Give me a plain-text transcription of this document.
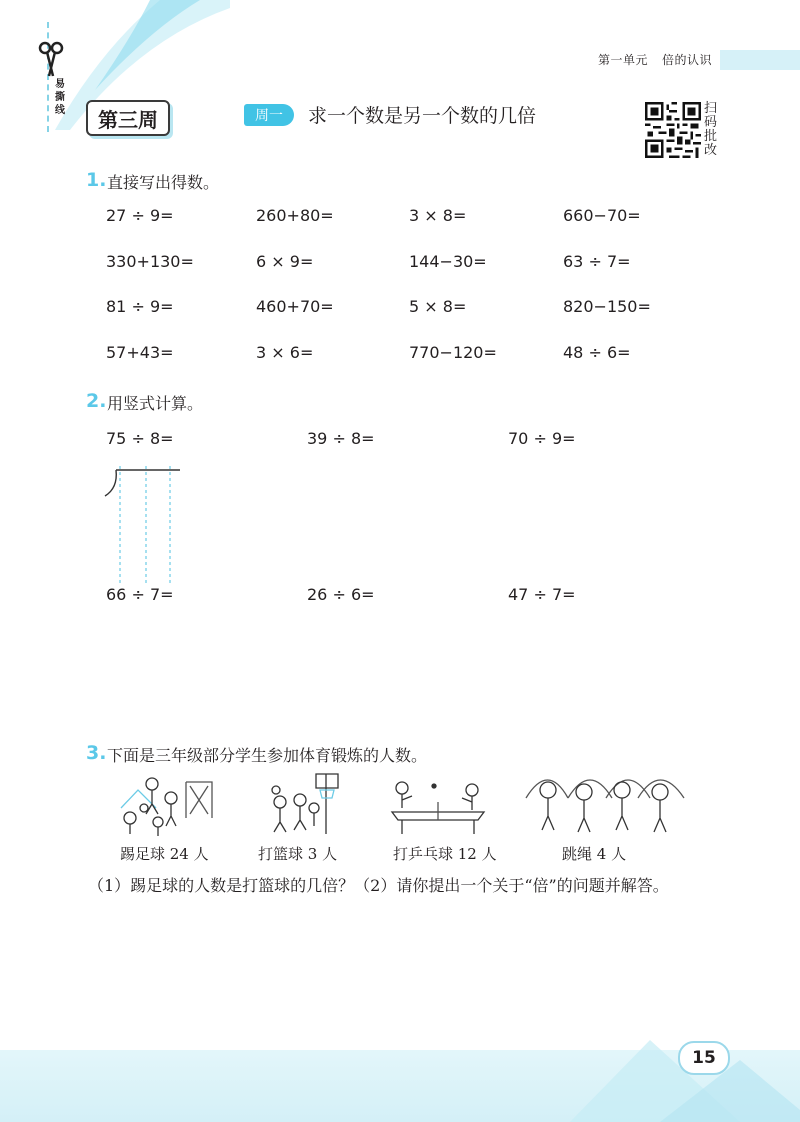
易撕线
第一单元 倍的认识
第三周	周一	求一个数是另一个数的几倍	扫码批改
1. 直接写出得数。
27 ÷ 9=	260+80=	3 × 8=	660−70=
330+130=	6 × 9=	144−30=	63 ÷ 7=
81 ÷ 9=	460+70=	5 × 8=	820−150=
57+43=	3 × 6=	770−120=	48 ÷ 6=
2. 用竖式计算。
75 ÷ 8=	39 ÷ 8=	70 ÷ 9=
66 ÷ 7=	26 ÷ 6=	47 ÷ 7=
3. 下面是三年级部分学生参加体育锻炼的人数。
踢足球 24 人	打篮球 3 人	打乒乓球 12 人	跳绳 4 人
（1）踢足球的人数是打篮球的几倍？（2）请你提出一个关于“倍”的问题并解答。
15
